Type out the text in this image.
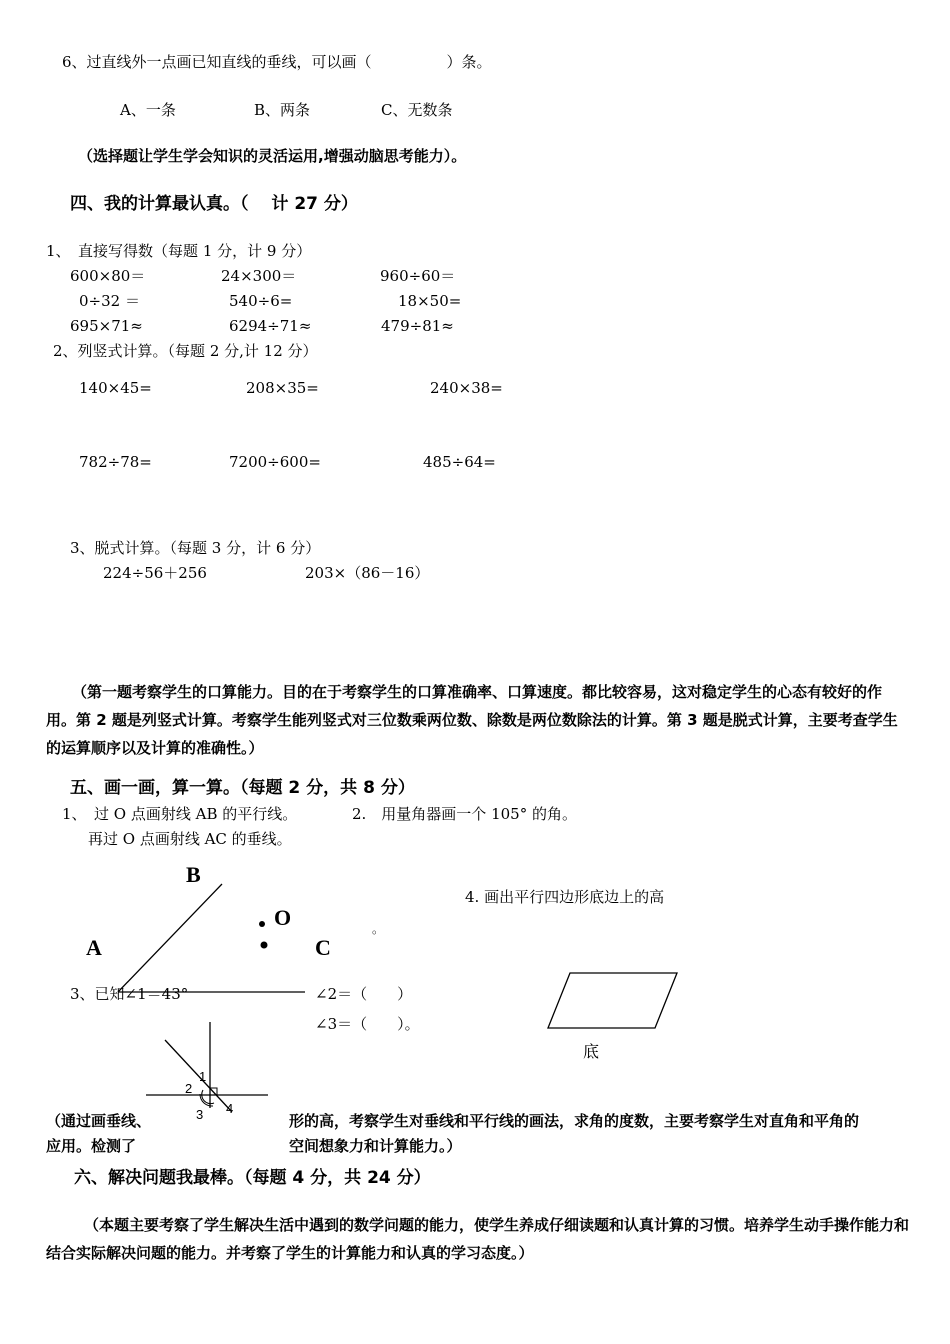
6、过直线外一点画已知直线的垂线，可以画（　　　　　）条。
A、一条	B、两条	C、无数条
（选择题让学生学会知识的灵活运用,增强动脑思考能力）。
四、我的计算最认真。（　 计 27 分）
1、　直接写得数（每题 1 分，计 9 分）
600×80＝	24×300＝	960÷60＝
0÷32 ＝	540÷6=	18×50=
695×71≈	6294÷71≈	479÷81≈
2、列竖式计算。（每题 2 分,计 12 分）
140×45=	208×35=	240×38=
782÷78=	7200÷600=	485÷64=
3、脱式计算。（每题 3 分，计 6 分）
224÷56＋256	203×（86－16）
（第一题考察学生的口算能力。目的在于考察学生的口算准确率、口算速度。都比较容易，这对稳定学生的心态有较好的作用。第 2 题是列竖式计算。考察学生能列竖式对三位数乘两位数、除数是两位数除法的计算。第 3 题是脱式计算，主要考查学生的运算顺序以及计算的准确性。）
五、画一画，算一算。（每题 2 分，共 8 分）
1、　过 O 点画射线 AB 的平行线。
再过 O 点画射线 AC 的垂线。
2.　用量角器画一个 105° 的角。
4. 画出平行四边形底边上的高
。
B
O
A	C
3、已知∠1＝43°	∠2＝（　　）
∠3＝（　　）。
底
1
2
3 4
（通过画垂线、	形的高，考察学生对垂线和平行线的画法，求角的度数，主要考察学生对直角和平角的
应用。检测了	空间想象力和计算能力。）
六、解决问题我最棒。（每题 4 分，共 24 分）
（本题主要考察了学生解决生活中遇到的数学问题的能力，使学生养成仔细读题和认真计算的习惯。培养学生动手操作能力和结合实际解决问题的能力。并考察了学生的计算能力和认真的学习态度。）
